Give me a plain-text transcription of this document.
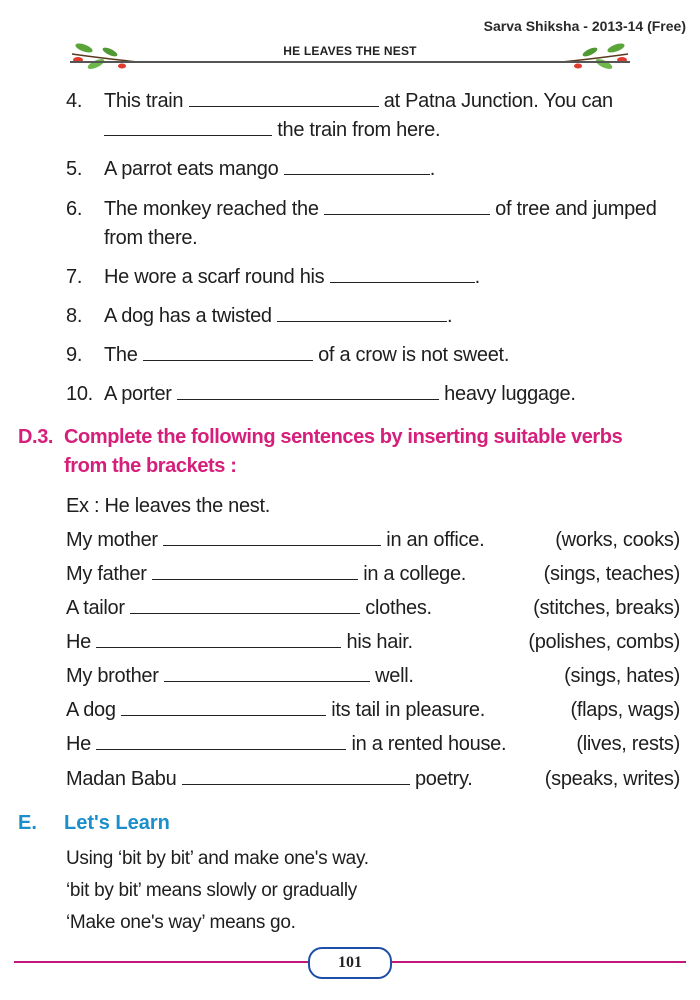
Sarva Shiksha - 2013-14 (Free)
HE LEAVES THE NEST
4. This train	at Patna Junction. You can
the train from here.
5. A parrot eats mango	.
6. The monkey reached the	of tree and jumped
from there.
7. He wore a scarf round his	.
8. A dog has a twisted	.
9. The	of a crow is not sweet.
10. A porter	heavy luggage.
D.3. Complete the following sentences by inserting suitable verbs
from the brackets :
Ex : He leaves the nest.
My mother	in an office.	(works, cooks)
My father	in a college.	(sings, teaches)
A tailor	clothes.	(stitches, breaks)
He	his hair.	(polishes, combs)
My brother	well.	(sings, hates)
A dog	its tail in pleasure.	(flaps, wags)
He	in a rented house.	(lives, rests)
Madan Babu	poetry.	(speaks, writes)
E. Let's Learn
Using ‘bit by bit’ and make one's way.
‘bit by bit’ means slowly or gradually
‘Make one's way’ means go.
101
